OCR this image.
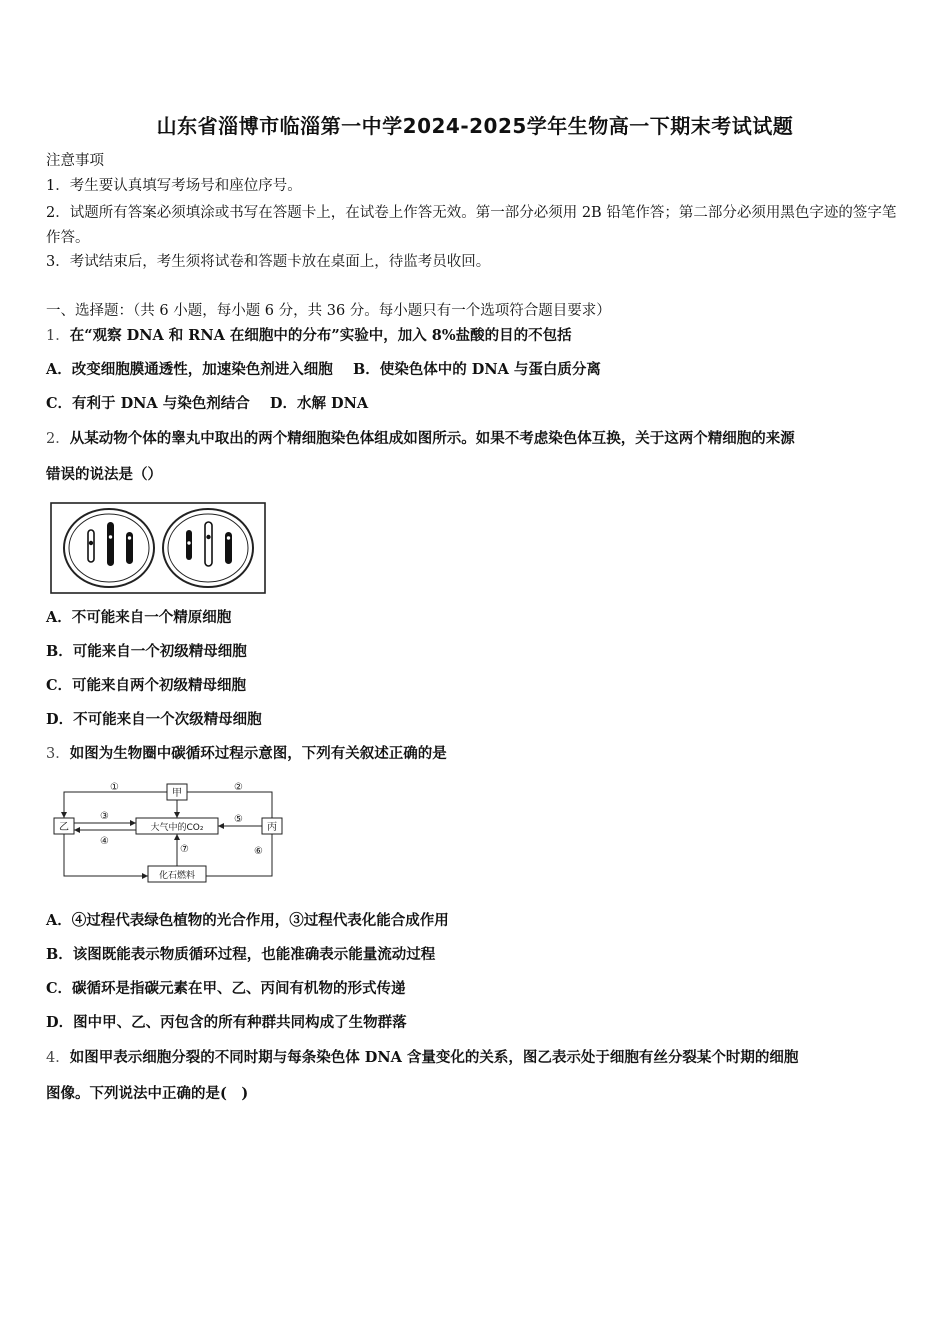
山东省淄博市临淄第一中学2024-2025学年生物高一下期末考试试题
注意事项
1．考生要认真填写考场号和座位序号。
2．试题所有答案必须填涂或书写在答题卡上，在试卷上作答无效。第一部分必须用 2B 铅笔作答；第二部分必须用黑色字迹的签字笔作答。
3．考试结束后，考生须将试卷和答题卡放在桌面上，待监考员收回。
一、选择题：（共 6 小题，每小题 6 分，共 36 分。每小题只有一个选项符合题目要求）
1．在“观察 DNA 和 RNA 在细胞中的分布”实验中，加入 8%盐酸的目的不包括
A．改变细胞膜通透性，加速染色剂进入细胞 B．使染色体中的 DNA 与蛋白质分离
C．有利于 DNA 与染色剂结合 D．水解 DNA
2．从某动物个体的睾丸中取出的两个精细胞染色体组成如图所示。如果不考虑染色体互换，关于这两个精细胞的来源
错误的说法是（）
A．不可能来自一个精原细胞
B．可能来自一个初级精母细胞
C．可能来自两个初级精母细胞
D．不可能来自一个次级精母细胞
3．如图为生物圈中碳循环过程示意图，下列有关叙述正确的是
甲
乙	丙
大气中的CO₂
化石燃料
①	②
③
④
⑤
⑥
⑦
A．④过程代表绿色植物的光合作用，③过程代表化能合成作用
B．该图既能表示物质循环过程，也能准确表示能量流动过程
C．碳循环是指碳元素在甲、乙、丙间有机物的形式传递
D．图中甲、乙、丙包含的所有种群共同构成了生物群落
4．如图甲表示细胞分裂的不同时期与每条染色体 DNA 含量变化的关系，图乙表示处于细胞有丝分裂某个时期的细胞
图像。下列说法中正确的是(　)
